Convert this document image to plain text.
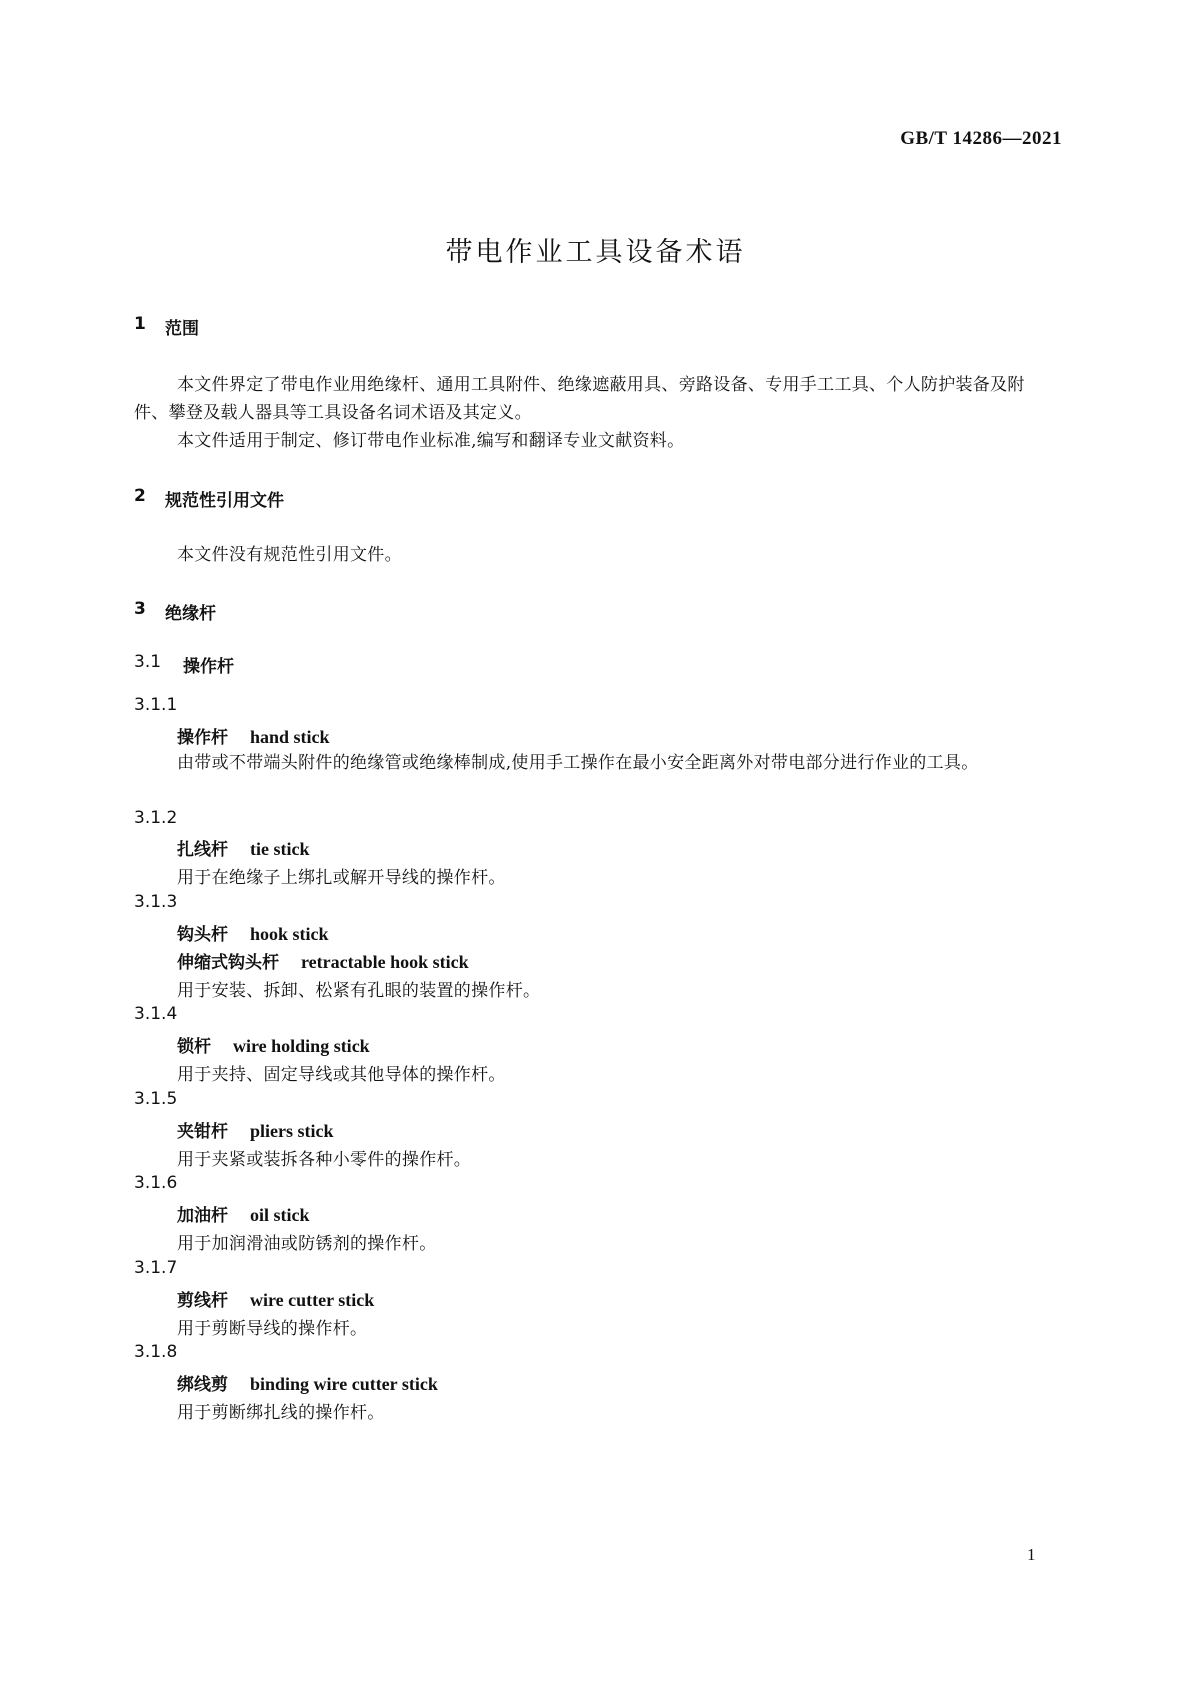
GB/T 14286—2021
带电作业工具设备术语
1 范围
本文件界定了带电作业用绝缘杆、通用工具附件、绝缘遮蔽用具、旁路设备、专用手工工具、个人防护装备及附件、攀登及载人器具等工具设备名词术语及其定义。
本文件适用于制定、修订带电作业标准,编写和翻译专业文献资料。
2 规范性引用文件
本文件没有规范性引用文件。
3 绝缘杆
3.1 操作杆
3.1.1
操作杆 hand stick
由带或不带端头附件的绝缘管或绝缘棒制成,使用手工操作在最小安全距离外对带电部分进行作业的工具。
3.1.2
扎线杆 tie stick
用于在绝缘子上绑扎或解开导线的操作杆。
3.1.3
钩头杆 hook stick
伸缩式钩头杆 retractable hook stick
用于安装、拆卸、松紧有孔眼的装置的操作杆。
3.1.4
锁杆 wire holding stick
用于夹持、固定导线或其他导体的操作杆。
3.1.5
夹钳杆 pliers stick
用于夹紧或装拆各种小零件的操作杆。
3.1.6
加油杆 oil stick
用于加润滑油或防锈剂的操作杆。
3.1.7
剪线杆 wire cutter stick
用于剪断导线的操作杆。
3.1.8
绑线剪 binding wire cutter stick
用于剪断绑扎线的操作杆。
1
